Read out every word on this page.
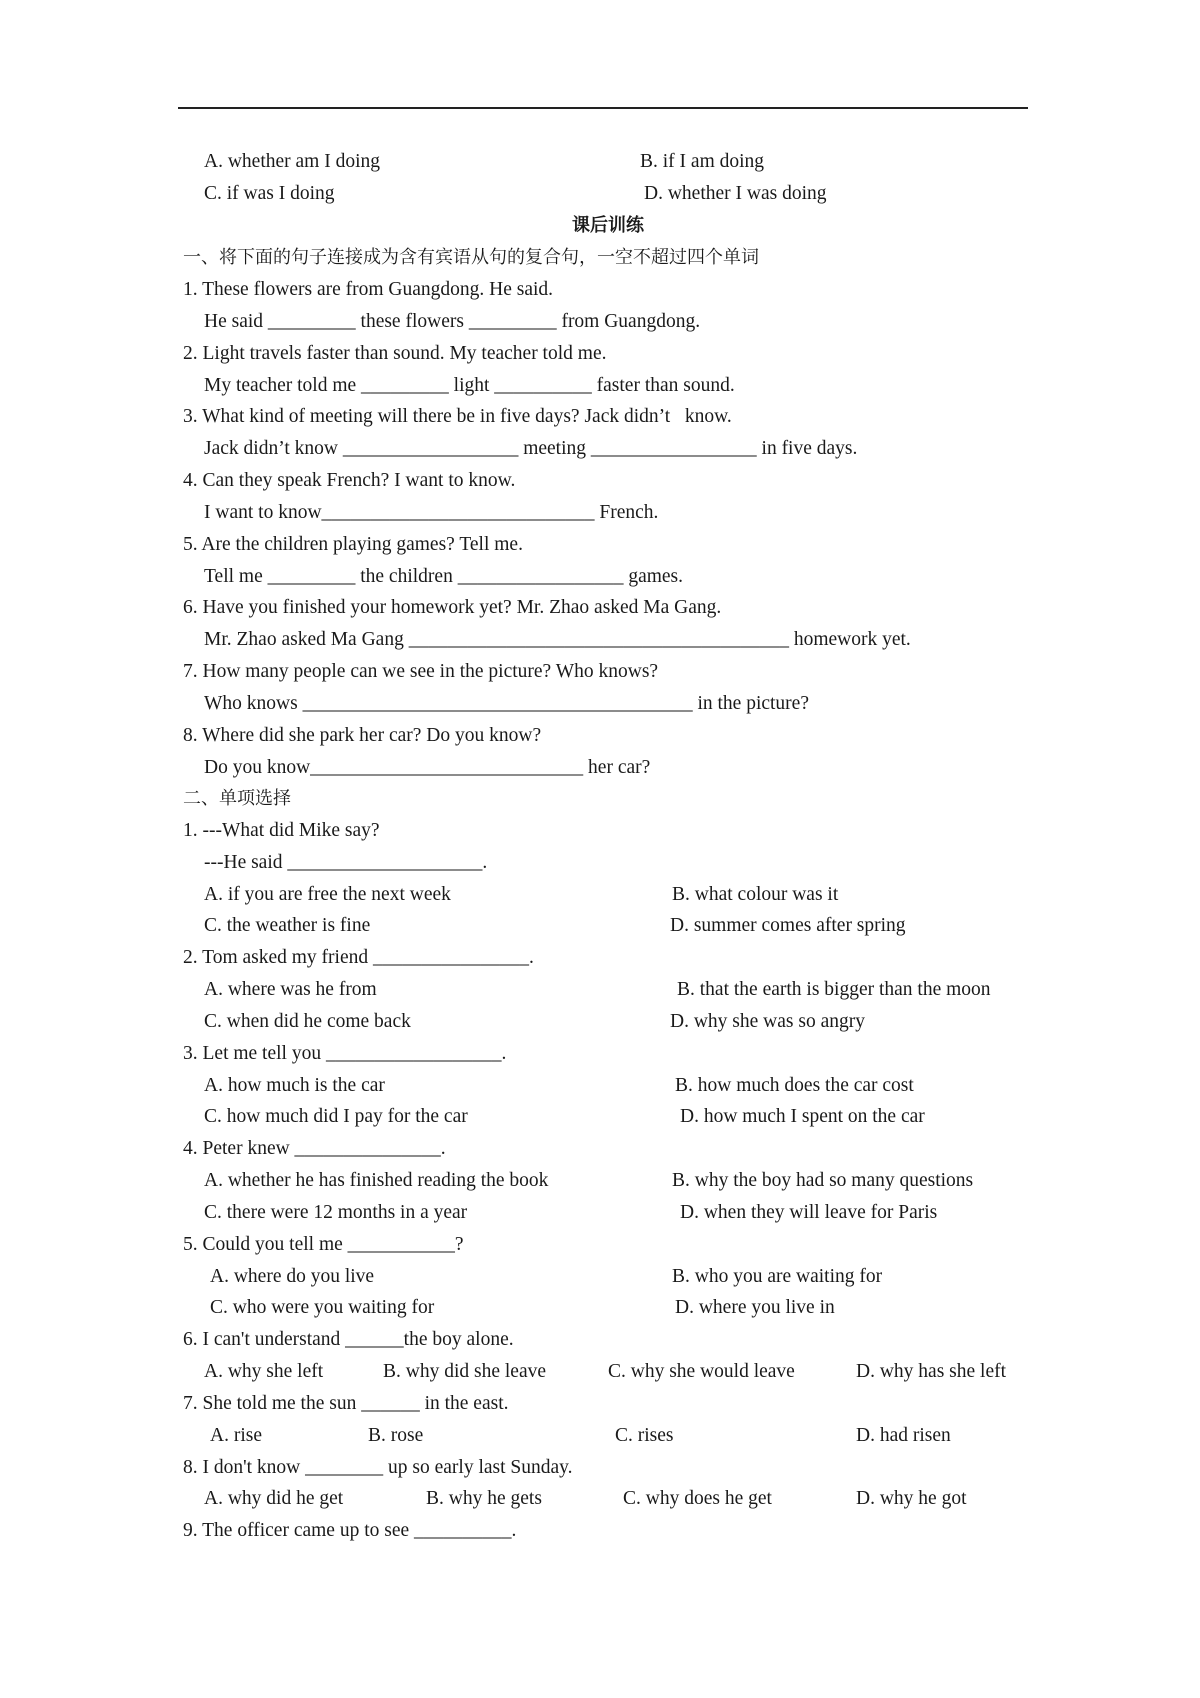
A. whether am I doing	B. if I am doing
C. if was I doing	D. whether I was doing
课后训练
一、将下面的句子连接成为含有宾语从句的复合句，一空不超过四个单词
1. These flowers are from Guangdong. He said.
He said _________ these flowers _________ from Guangdong.
2. Light travels faster than sound. My teacher told me.
My teacher told me _________ light __________ faster than sound.
3. What kind of meeting will there be in five days? Jack didn’t   know.
Jack didn’t know __________________ meeting _________________ in five days.
4. Can they speak French? I want to know.
I want to know____________________________ French.
5. Are the children playing games? Tell me.
Tell me _________ the children _________________ games.
6. Have you finished your homework yet? Mr. Zhao asked Ma Gang.
Mr. Zhao asked Ma Gang _______________________________________ homework yet.
7. How many people can we see in the picture? Who knows?
Who knows ________________________________________ in the picture?
8. Where did she park her car? Do you know?
Do you know____________________________ her car?
二、单项选择
1. ---What did Mike say?
---He said ____________________.
A. if you are free the next week	B. what colour was it
C. the weather is fine	D. summer comes after spring
2. Tom asked my friend ________________.
A. where was he from	B. that the earth is bigger than the moon
C. when did he come back	D. why she was so angry
3. Let me tell you __________________.
A. how much is the car	B. how much does the car cost
C. how much did I pay for the car	D. how much I spent on the car
4. Peter knew _______________.
A. whether he has finished reading the book	B. why the boy had so many questions
C. there were 12 months in a year	D. when they will leave for Paris
5. Could you tell me ___________?
A. where do you live	B. who you are waiting for
C. who were you waiting for	D. where you live in
6. I can't understand ______the boy alone.
A. why she left	B. why did she leave	C. why she would leave	D. why has she left
7. She told me the sun ______ in the east.
A. rise	B. rose	C. rises	D. had risen
8. I don't know ________ up so early last Sunday.
A. why did he get	B. why he gets	C. why does he get	D. why he got
9. The officer came up to see __________.
